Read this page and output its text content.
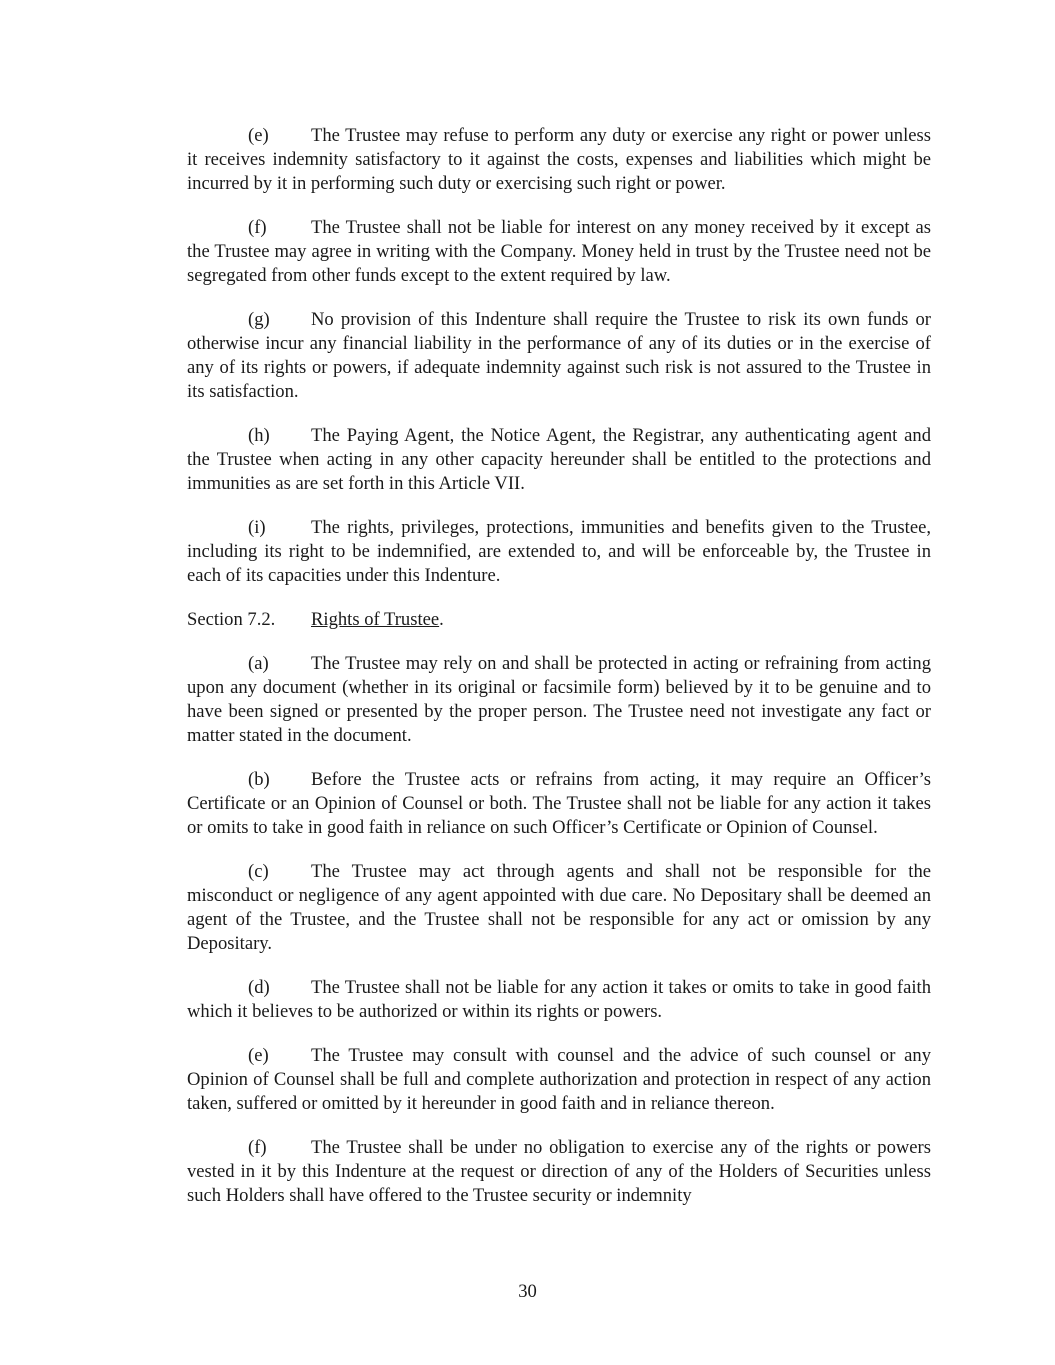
(e) The Trustee may refuse to perform any duty or exercise any right or power unless it receives indemnity satisfactory to it against the costs, expenses and liabilities which might be incurred by it in performing such duty or exercising such right or power.

(f) The Trustee shall not be liable for interest on any money received by it except as the Trustee may agree in writing with the Company. Money held in trust by the Trustee need not be segregated from other funds except to the extent required by law.

(g) No provision of this Indenture shall require the Trustee to risk its own funds or otherwise incur any financial liability in the performance of any of its duties or in the exercise of any of its rights or powers, if adequate indemnity against such risk is not assured to the Trustee in its satisfaction.

(h) The Paying Agent, the Notice Agent, the Registrar, any authenticating agent and the Trustee when acting in any other capacity hereunder shall be entitled to the protections and immunities as are set forth in this Article VII.

(i) The rights, privileges, protections, immunities and benefits given to the Trustee, including its right to be indemnified, are extended to, and will be enforceable by, the Trustee in each of its capacities under this Indenture.

Section 7.2. Rights of Trustee.

(a) The Trustee may rely on and shall be protected in acting or refraining from acting upon any document (whether in its original or facsimile form) believed by it to be genuine and to have been signed or presented by the proper person. The Trustee need not investigate any fact or matter stated in the document.

(b) Before the Trustee acts or refrains from acting, it may require an Officer’s Certificate or an Opinion of Counsel or both. The Trustee shall not be liable for any action it takes or omits to take in good faith in reliance on such Officer’s Certificate or Opinion of Counsel.

(c) The Trustee may act through agents and shall not be responsible for the misconduct or negligence of any agent appointed with due care. No Depositary shall be deemed an agent of the Trustee, and the Trustee shall not be responsible for any act or omission by any Depositary.

(d) The Trustee shall not be liable for any action it takes or omits to take in good faith which it believes to be authorized or within its rights or powers.

(e) The Trustee may consult with counsel and the advice of such counsel or any Opinion of Counsel shall be full and complete authorization and protection in respect of any action taken, suffered or omitted by it hereunder in good faith and in reliance thereon.

(f) The Trustee shall be under no obligation to exercise any of the rights or powers vested in it by this Indenture at the request or direction of any of the Holders of Securities unless such Holders shall have offered to the Trustee security or indemnity

30
